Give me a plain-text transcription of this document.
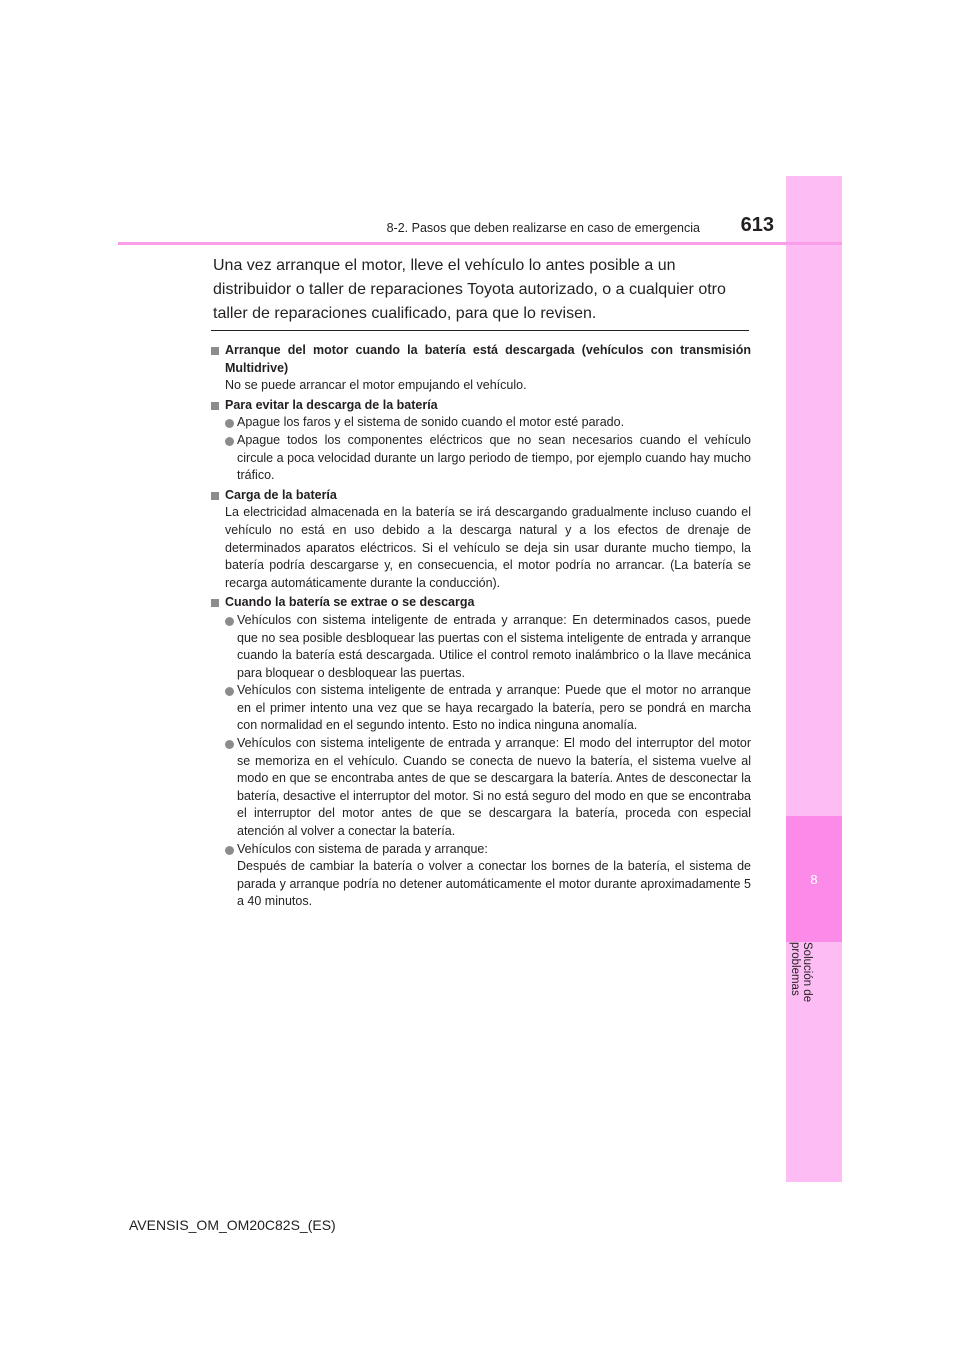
8
Solución de problemas
8-2. Pasos que deben realizarse en caso de emergencia	613

Una vez arranque el motor, lleve el vehículo lo antes posible a un distribuidor o taller de reparaciones Toyota autorizado, o a cualquier otro taller de reparaciones cualificado, para que lo revisen.

Arranque del motor cuando la batería está descargada (vehículos con transmisión Multidrive)

No se puede arrancar el motor empujando el vehículo.

Para evitar la descarga de la batería

Apague los faros y el sistema de sonido cuando el motor esté parado.

Apague todos los componentes eléctricos que no sean necesarios cuando el vehículo circule a poca velocidad durante un largo periodo de tiempo, por ejemplo cuando hay mucho tráfico.

Carga de la batería

La electricidad almacenada en la batería se irá descargando gradualmente incluso cuando el vehículo no está en uso debido a la descarga natural y a los efectos de drenaje de determinados aparatos eléctricos. Si el vehículo se deja sin usar durante mucho tiempo, la batería podría descargarse y, en consecuencia, el motor podría no arrancar. (La batería se recarga automáticamente durante la conducción).

Cuando la batería se extrae o se descarga

Vehículos con sistema inteligente de entrada y arranque: En determinados casos, puede que no sea posible desbloquear las puertas con el sistema inteligente de entrada y arranque cuando la batería está descargada. Utilice el control remoto inalámbrico o la llave mecánica para bloquear o desbloquear las puertas.

Vehículos con sistema inteligente de entrada y arranque: Puede que el motor no arranque en el primer intento una vez que se haya recargado la batería, pero se pondrá en marcha con normalidad en el segundo intento. Esto no indica ninguna anomalía.

Vehículos con sistema inteligente de entrada y arranque: El modo del interruptor del motor se memoriza en el vehículo. Cuando se conecta de nuevo la batería, el sistema vuelve al modo en que se encontraba antes de que se descargara la batería. Antes de desconectar la batería, desactive el interruptor del motor. Si no está seguro del modo en que se encontraba el interruptor del motor antes de que se descargara la batería, proceda con especial atención al volver a conectar la batería.

Vehículos con sistema de parada y arranque:
Después de cambiar la batería o volver a conectar los bornes de la batería, el sistema de parada y arranque podría no detener automáticamente el motor durante aproximadamente 5 a 40 minutos.

AVENSIS_OM_OM20C82S_(ES)
